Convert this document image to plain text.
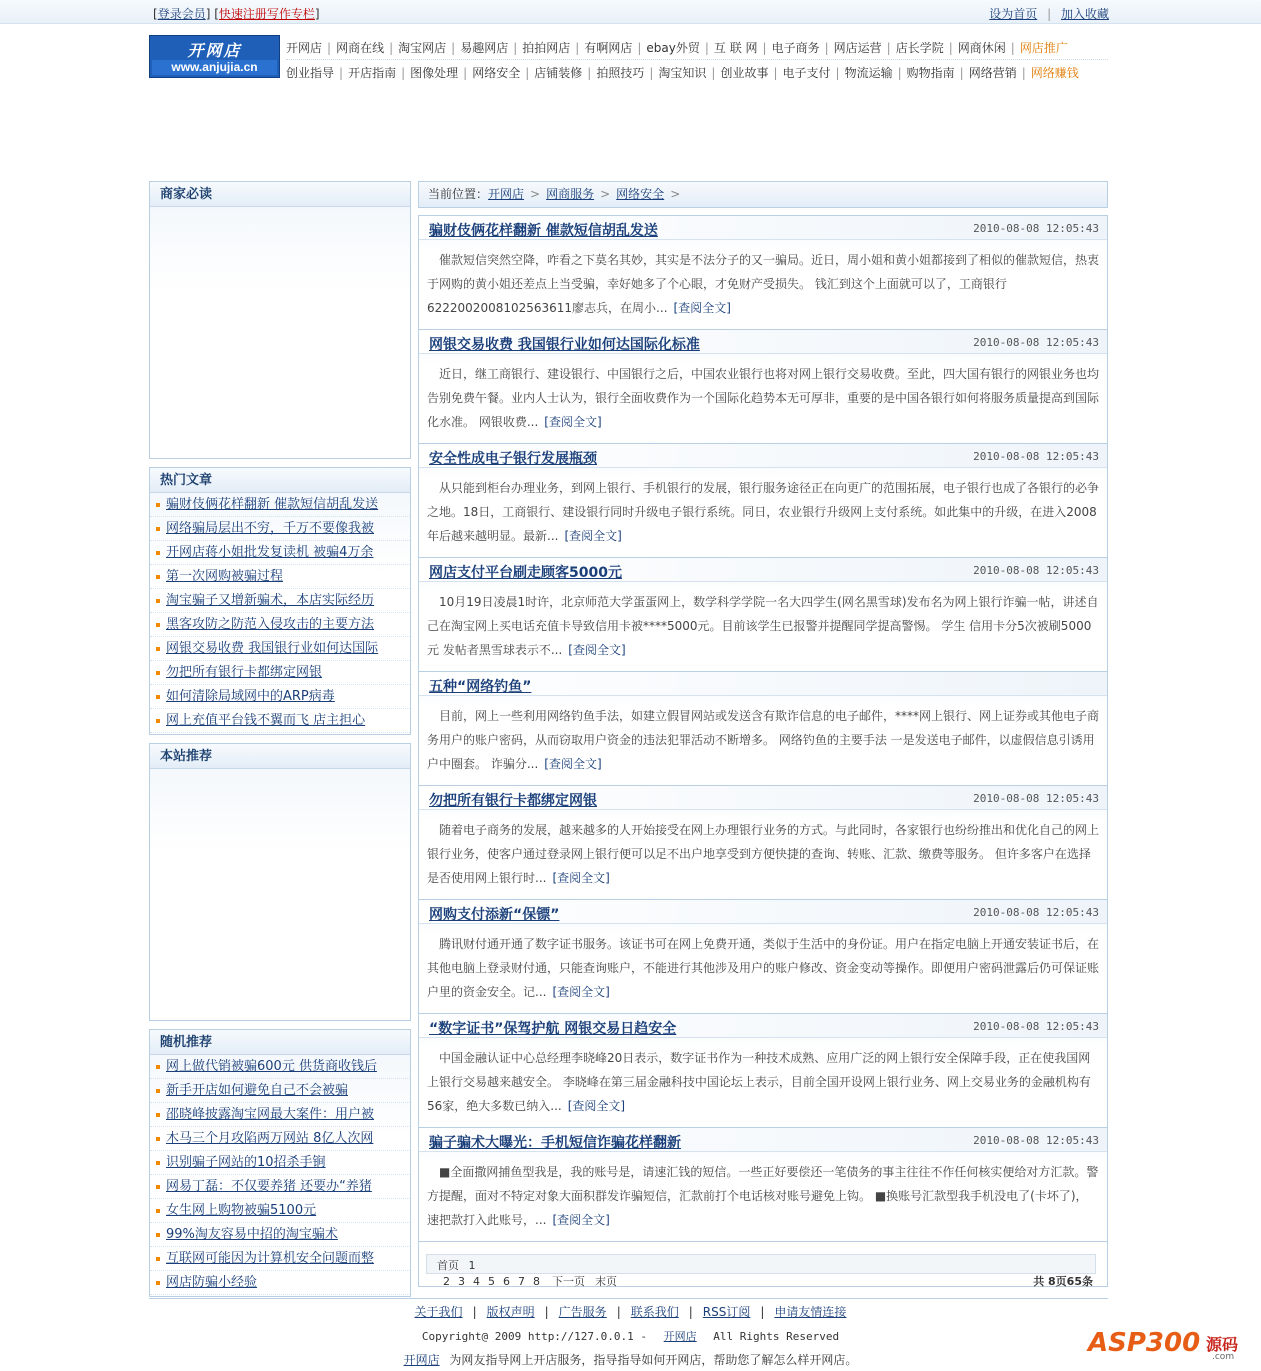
[登录会员] [快速注册写作专栏]	设为首页 | 加入收藏
开网店
www.anjujia.cn
开网店 | 网商在线 | 淘宝网店 | 易趣网店 | 拍拍网店 | 有啊网店 | ebay外贸 | 互 联 网 | 电子商务 | 网店运营 | 店长学院 | 网商休闲 | 网店推广
创业指导 | 开店指南 | 图像处理 | 网络安全 | 店铺装修 | 拍照技巧 | 淘宝知识 | 创业故事 | 电子支付 | 物流运输 | 购物指南 | 网络营销 | 网络赚钱
商家必读
热门文章
骗财伎俩花样翻新 催款短信胡乱发送
网络骗局层出不穷，千万不要像我被
开网店蒋小姐批发复读机 被骗4万余
第一次网购被骗过程
淘宝骗子又增新骗术，本店实际经历
黑客攻防之防范入侵攻击的主要方法
网银交易收费 我国银行业如何达国际
勿把所有银行卡都绑定网银
如何清除局域网中的ARP病毒
网上充值平台钱不翼而飞 店主担心
本站推荐
随机推荐
网上做代销被骗600元 供货商收钱后
新手开店如何避免自己不会被骗
邵晓峰披露淘宝网最大案件：用户被
木马三个月攻陷两万网站 8亿人次网
识别骗子网站的10招杀手锏
网易丁磊：不仅要养猪 还要办“养猪
女生网上购物被骗5100元
99%淘友容易中招的淘宝骗术
互联网可能因为计算机安全问题而整
网店防骗小经验
当前位置：开网店 > 网商服务 > 网络安全 >
骗财伎俩花样翻新 催款短信胡乱发送	2010-08-08 12:05:43
催款短信突然空降，咋看之下莫名其妙，其实是不法分子的又一骗局。近日，周小姐和黄小姐都接到了相似的催款短信，热衷于网购的黄小姐还差点上当受骗，幸好她多了个心眼，才免财产受损失。 钱汇到这个上面就可以了，工商银行6222002008102563611廖志兵，在周小... [查阅全文]
网银交易收费 我国银行业如何达国际化标准	2010-08-08 12:05:43
近日，继工商银行、建设银行、中国银行之后，中国农业银行也将对网上银行交易收费。至此，四大国有银行的网银业务也均告别免费午餐。业内人士认为，银行全面收费作为一个国际化趋势本无可厚非，重要的是中国各银行如何将服务质量提高到国际化水准。 网银收费... [查阅全文]
安全性成电子银行发展瓶颈	2010-08-08 12:05:43
从只能到柜台办理业务，到网上银行、手机银行的发展，银行服务途径正在向更广的范围拓展，电子银行也成了各银行的必争之地。18日，工商银行、建设银行同时升级电子银行系统。同日，农业银行升级网上支付系统。如此集中的升级，在进入2008年后越来越明显。最新... [查阅全文]
网店支付平台刷走顾客5000元	2010-08-08 12:05:43
10月19日凌晨1时许，北京师范大学蛋蛋网上，数学科学学院一名大四学生(网名黑雪球)发布名为网上银行诈骗一帖，讲述自己在淘宝网上买电话充值卡导致信用卡被****5000元。目前该学生已报警并提醒同学提高警惕。 学生 信用卡分5次被刷5000元 发帖者黑雪球表示不... [查阅全文]
五种“网络钓鱼”
目前，网上一些利用网络钓鱼手法，如建立假冒网站或发送含有欺诈信息的电子邮件，****网上银行、网上证券或其他电子商务用户的账户密码，从而窃取用户资金的违法犯罪活动不断增多。 网络钓鱼的主要手法 一是发送电子邮件，以虚假信息引诱用户中圈套。 诈骗分... [查阅全文]
勿把所有银行卡都绑定网银	2010-08-08 12:05:43
随着电子商务的发展，越来越多的人开始接受在网上办理银行业务的方式。与此同时，各家银行也纷纷推出和优化自己的网上银行业务，使客户通过登录网上银行便可以足不出户地享受到方便快捷的查询、转账、汇款、缴费等服务。 但许多客户在选择是否使用网上银行时... [查阅全文]
网购支付添新“保镖”	2010-08-08 12:05:43
腾讯财付通开通了数字证书服务。该证书可在网上免费开通，类似于生活中的身份证。用户在指定电脑上开通安装证书后，在其他电脑上登录财付通，只能查询账户，不能进行其他涉及用户的账户修改、资金变动等操作。即便用户密码泄露后仍可保证账户里的资金安全。记... [查阅全文]
“数字证书”保驾护航 网银交易日趋安全	2010-08-08 12:05:43
中国金融认证中心总经理李晓峰20日表示，数字证书作为一种技术成熟、应用广泛的网上银行安全保障手段，正在使我国网上银行交易越来越安全。 李晓峰在第三届金融科技中国论坛上表示，目前全国开设网上银行业务、网上交易业务的金融机构有56家，绝大多数已纳入... [查阅全文]
骗子骗术大曝光：手机短信诈骗花样翻新	2010-08-08 12:05:43
■全面撒网捕鱼型我是，我的账号是，请速汇钱的短信。一些正好要偿还一笔债务的事主往往不作任何核实便给对方汇款。警方提醒，面对不特定对象大面积群发诈骗短信，汇款前打个电话核对账号避免上钩。 ■换账号汇款型我手机没电了(卡坏了)，速把款打入此账号，... [查阅全文]
首页 1
2 3 4 5 6 7 8 下一页 末页	共 8页65条
关于我们 | 版权声明 | 广告服务 | 联系我们 | RSS订阅 | 申请友情连接
Copyright@ 2009 http://127.0.0.1 - 开网店 All Rights Reserved
开网店 为网友指导网上开店服务，指导指导如何开网店，帮助您了解怎么样开网店。
ASP300 源码
.com
